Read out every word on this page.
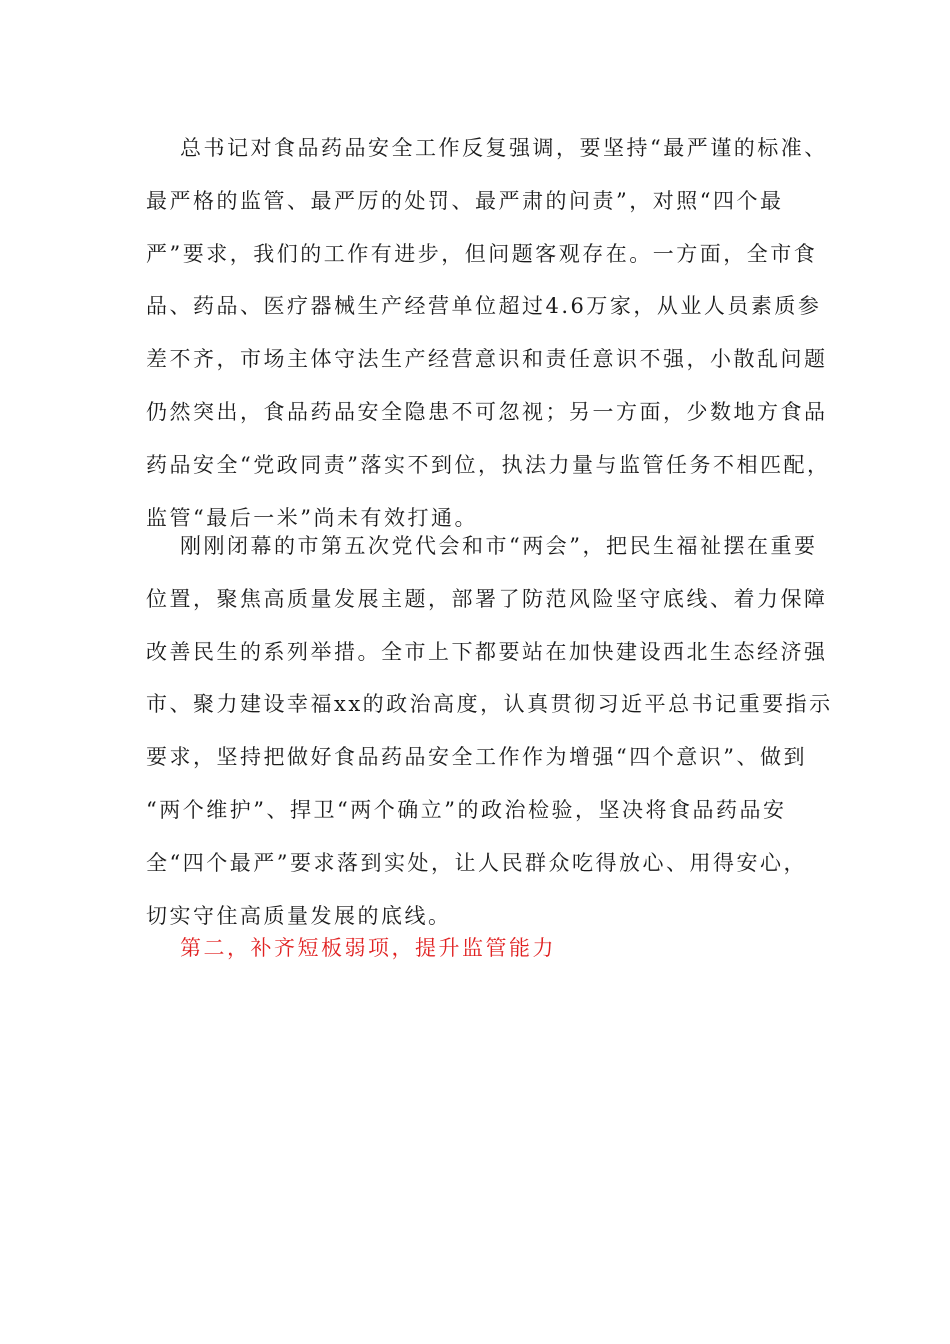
总书记对食品药品安全工作反复强调，要坚持“最严谨的标准、
最严格的监管、最严厉的处罚、最严肃的问责”，对照“四个最
严”要求，我们的工作有进步，但问题客观存在。一方面，全市食
品、药品、医疗器械生产经营单位超过4.6万家，从业人员素质参
差不齐，市场主体守法生产经营意识和责任意识不强，小散乱问题
仍然突出，食品药品安全隐患不可忽视；另一方面，少数地方食品
药品安全“党政同责”落实不到位，执法力量与监管任务不相匹配，
监管“最后一米”尚未有效打通。
刚刚闭幕的市第五次党代会和市“两会”，把民生福祉摆在重要
位置，聚焦高质量发展主题，部署了防范风险坚守底线、着力保障
改善民生的系列举措。全市上下都要站在加快建设西北生态经济强
市、聚力建设幸福xx的政治高度，认真贯彻习近平总书记重要指示
要求，坚持把做好食品药品安全工作作为增强“四个意识”、做到
“两个维护”、捍卫“两个确立”的政治检验，坚决将食品药品安
全“四个最严”要求落到实处，让人民群众吃得放心、用得安心，
切实守住高质量发展的底线。
第二，补齐短板弱项，提升监管能力
